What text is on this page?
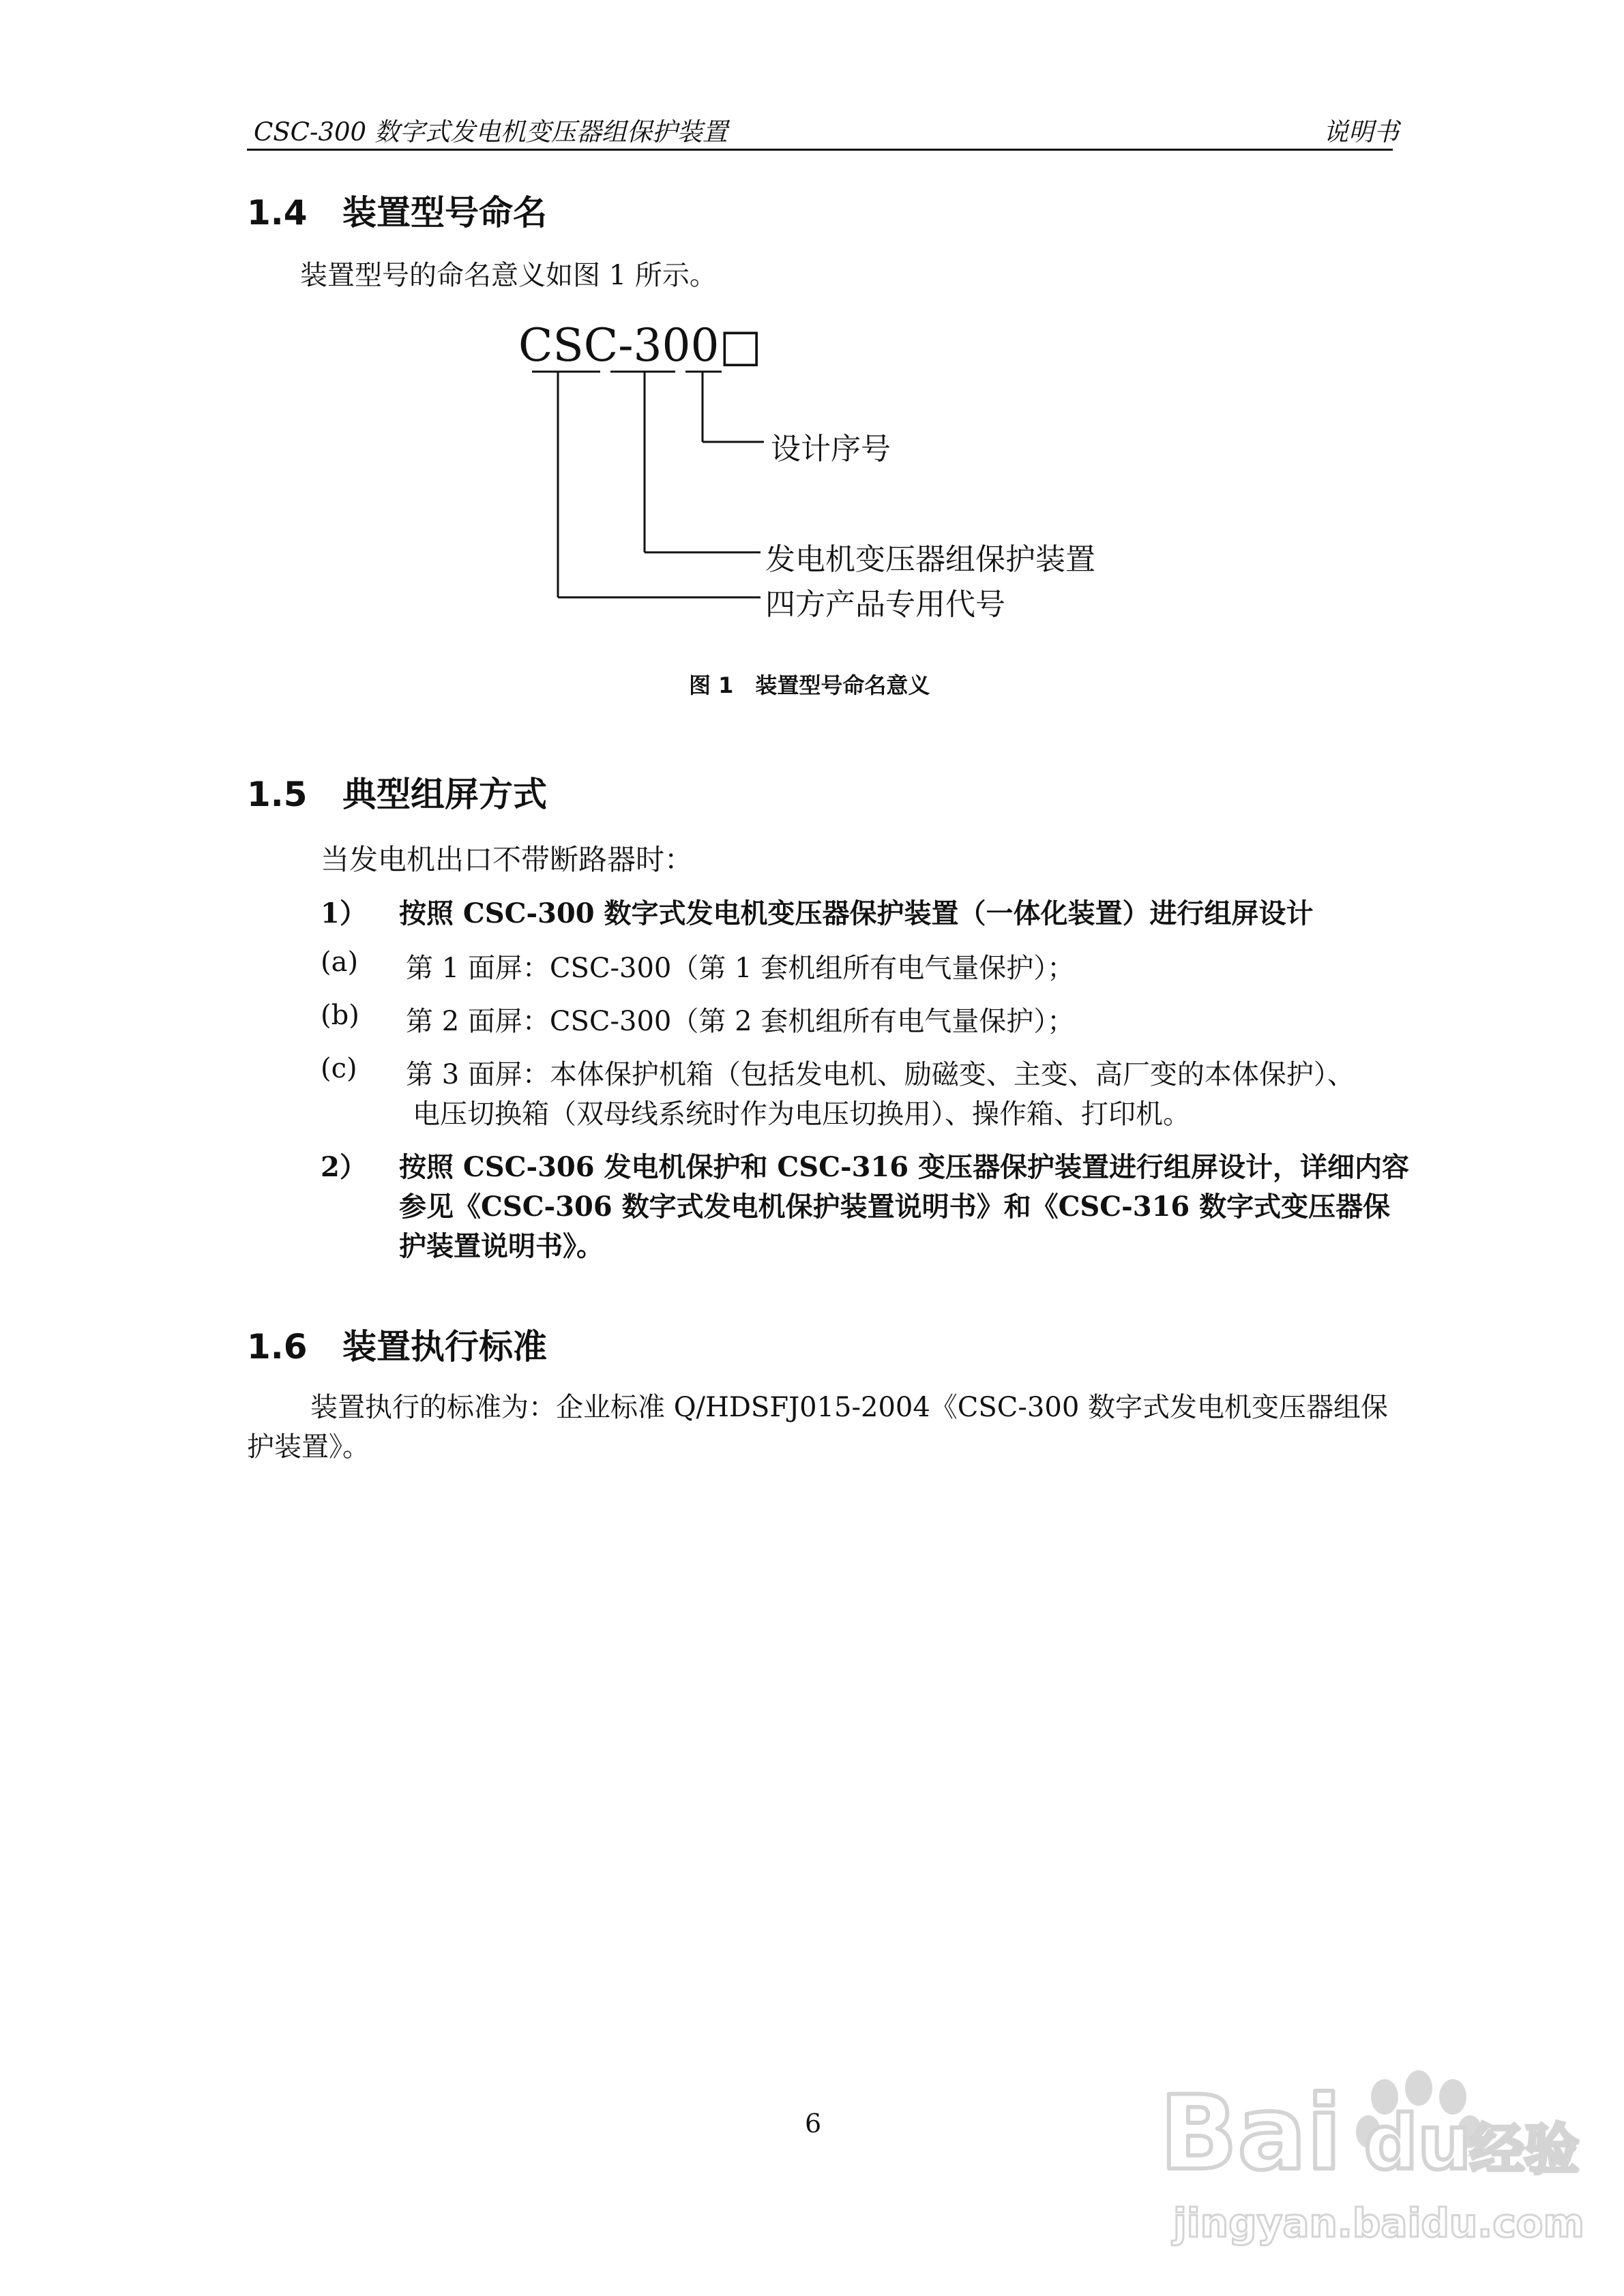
CSC-300 数字式发电机变压器组保护装置	说明书
1.4 装置型号命名
装置型号的命名意义如图 1 所示。
CSC-300□
设计序号
发电机变压器组保护装置
四方产品专用代号
图 1　装置型号命名意义
1.5 典型组屏方式
当发电机出口不带断路器时：
1） 按照 CSC-300 数字式发电机变压器保护装置（一体化装置）进行组屏设计
(a) 第 1 面屏：CSC-300（第 1 套机组所有电气量保护）；
(b) 第 2 面屏：CSC-300（第 2 套机组所有电气量保护）；
(c) 第 3 面屏：本体保护机箱（包括发电机、励磁变、主变、高厂变的本体保护）、
电压切换箱（双母线系统时作为电压切换用）、操作箱、打印机。
2） 按照 CSC-306 发电机保护和 CSC-316 变压器保护装置进行组屏设计，详细内容
参见《CSC-306 数字式发电机保护装置说明书》和《CSC-316 数字式变压器保
护装置说明书》。
1.6 装置执行标准
装置执行的标准为：企业标准 Q/HDSFJ015-2004《CSC-300 数字式发电机变压器组保
护装置》。
6	Bai du
经验
jingyan.baidu.com
